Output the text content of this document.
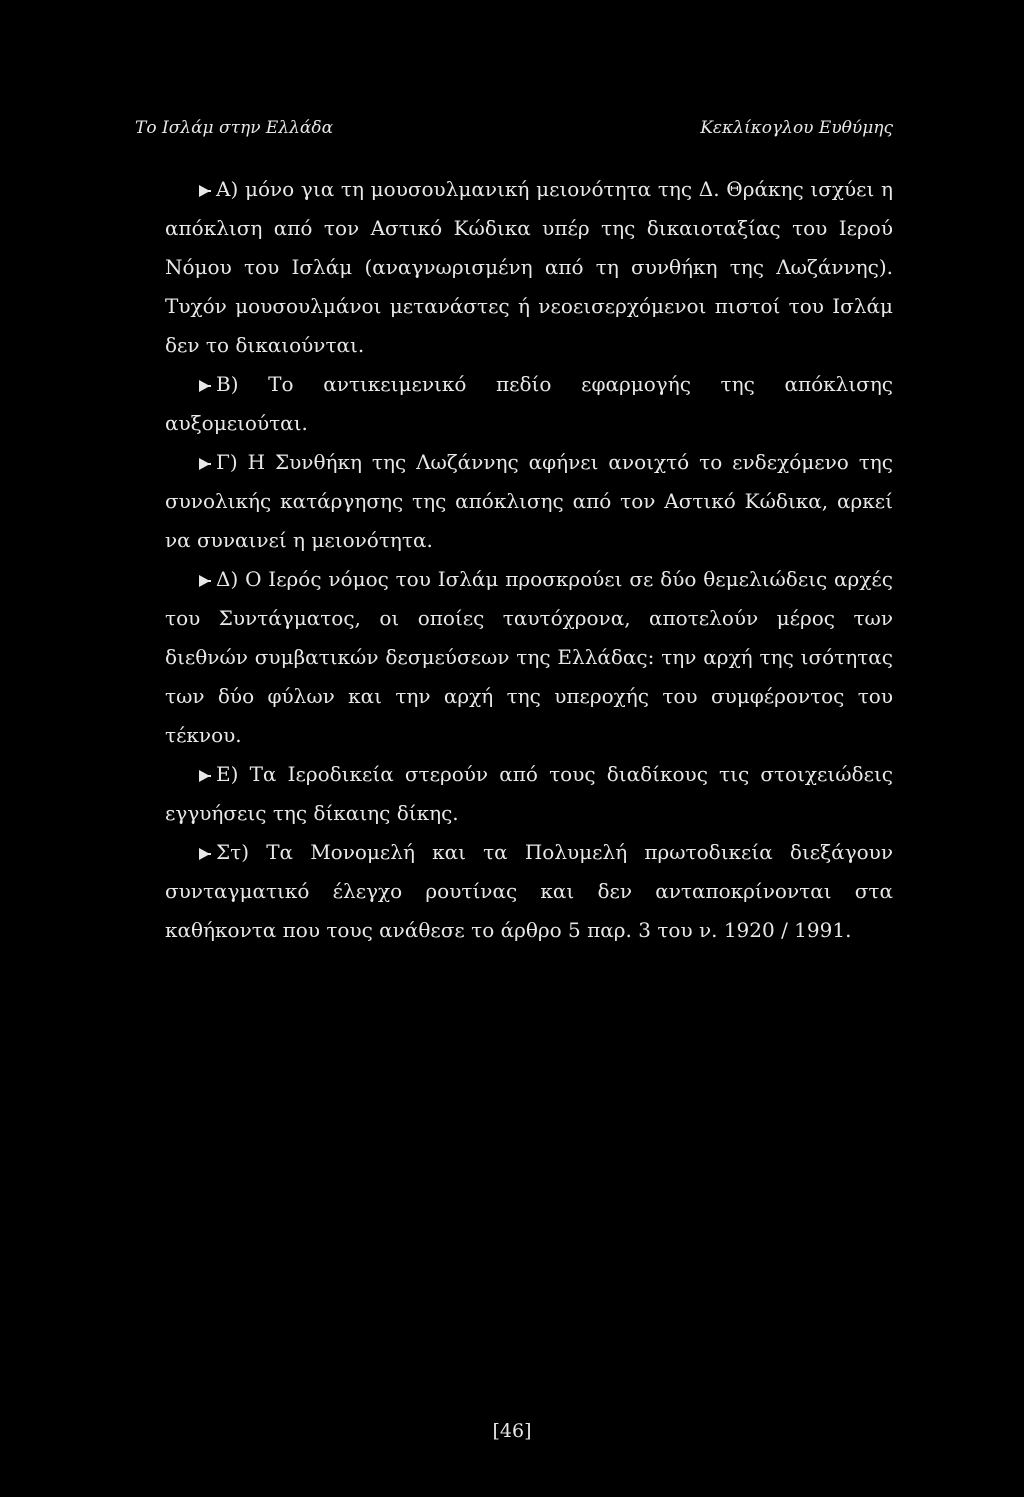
Το Ισλάμ στην Ελλάδα	Κεκλίκογλου Ευθύμης

Α) μόνο για τη μουσουλμανική μειονότητα της Δ. Θράκης ισχύει η απόκλιση από τον Αστικό Κώδικα υπέρ της δικαιοταξίας του Ιερού Νόμου του Ισλάμ (αναγνωρισμένη από τη συνθήκη της Λωζάννης). Τυχόν μουσουλμάνοι μετανάστες ή νεοεισερχόμενοι πιστοί του Ισλάμ δεν το δικαιούνται.

Β) Το αντικειμενικό πεδίο εφαρμογής της απόκλισης αυξομειούται.

Γ) Η Συνθήκη της Λωζάννης αφήνει ανοιχτό το ενδεχόμενο της συνολικής κατάργησης της απόκλισης από τον Αστικό Κώδικα, αρκεί να συναινεί η μειονότητα.

Δ) Ο Ιερός νόμος του Ισλάμ προσκρούει σε δύο θεμελιώδεις αρχές του Συντάγματος, οι οποίες ταυτόχρονα, αποτελούν μέρος των διεθνών συμβατικών δεσμεύσεων της Ελλάδας: την αρχή της ισότητας των δύο φύλων και την αρχή της υπεροχής του συμφέροντος του τέκνου.

Ε) Τα Ιεροδικεία στερούν από τους διαδίκους τις στοιχειώδεις εγγυήσεις της δίκαιης δίκης.

Στ) Τα Μονομελή και τα Πολυμελή πρωτοδικεία διεξάγουν συνταγματικό έλεγχο ρουτίνας και δεν ανταποκρίνονται στα καθήκοντα που τους ανάθεσε το άρθρο 5 παρ. 3 του ν. 1920 / 1991.

[46]
